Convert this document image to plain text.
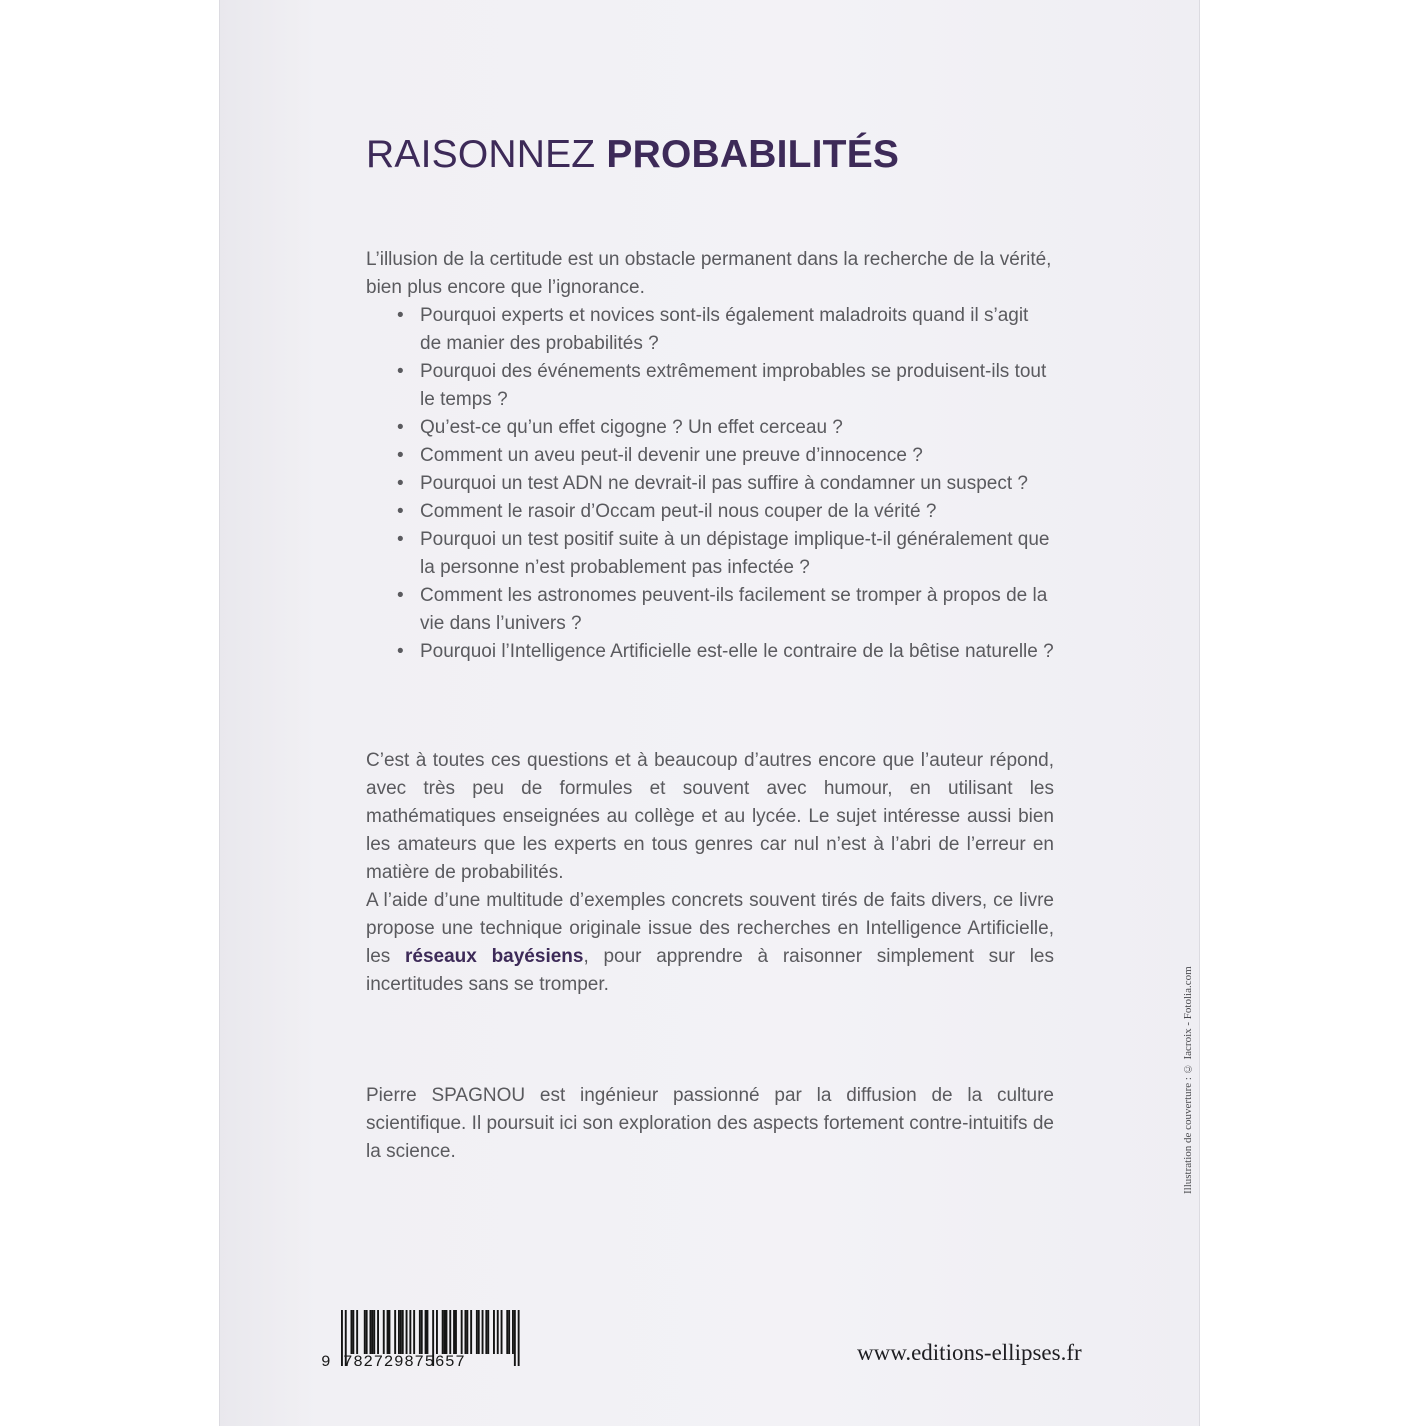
RAISONNEZ PROBABILITÉS

L’illusion de la certitude est un obstacle permanent dans la recherche de la vérité, bien plus encore que l’ignorance.

• Pourquoi experts et novices sont-ils également maladroits quand il s’agit de manier des probabilités ?
• Pourquoi des événements extrêmement improbables se produisent-ils tout le temps ?
• Qu’est-ce qu’un effet cigogne ? Un effet cerceau ?
• Comment un aveu peut-il devenir une preuve d’innocence ?
• Pourquoi un test ADN ne devrait-il pas suffire à condamner un suspect ?
• Comment le rasoir d’Occam peut-il nous couper de la vérité ?
• Pourquoi un test positif suite à un dépistage implique-t-il généralement que la personne n’est probablement pas infectée ?
• Comment les astronomes peuvent-ils facilement se tromper à propos de la vie dans l’univers ?
• Pourquoi l’Intelligence Artificielle est-elle le contraire de la bêtise naturelle ?

C’est à toutes ces questions et à beaucoup d’autres encore que l’auteur répond, avec très peu de formules et souvent avec humour, en utilisant les mathématiques enseignées au collège et au lycée. Le sujet intéresse aussi bien les amateurs que les experts en tous genres car nul n’est à l’abri de l’erreur en matière de probabilités.

A l’aide d’une multitude d’exemples concrets souvent tirés de faits divers, ce livre propose une technique originale issue des recherches en Intelligence Artificielle, les réseaux bayésiens, pour apprendre à raisonner simplement sur les incertitudes sans se tromper.

Pierre SPAGNOU est ingénieur passionné par la diffusion de la culture scientifique. Il poursuit ici son exploration des aspects fortement contre-intuitifs de la science.	Illustration de couverture : © Iacroix - Fotolia.com
9 782729875657	www.editions-ellipses.fr
